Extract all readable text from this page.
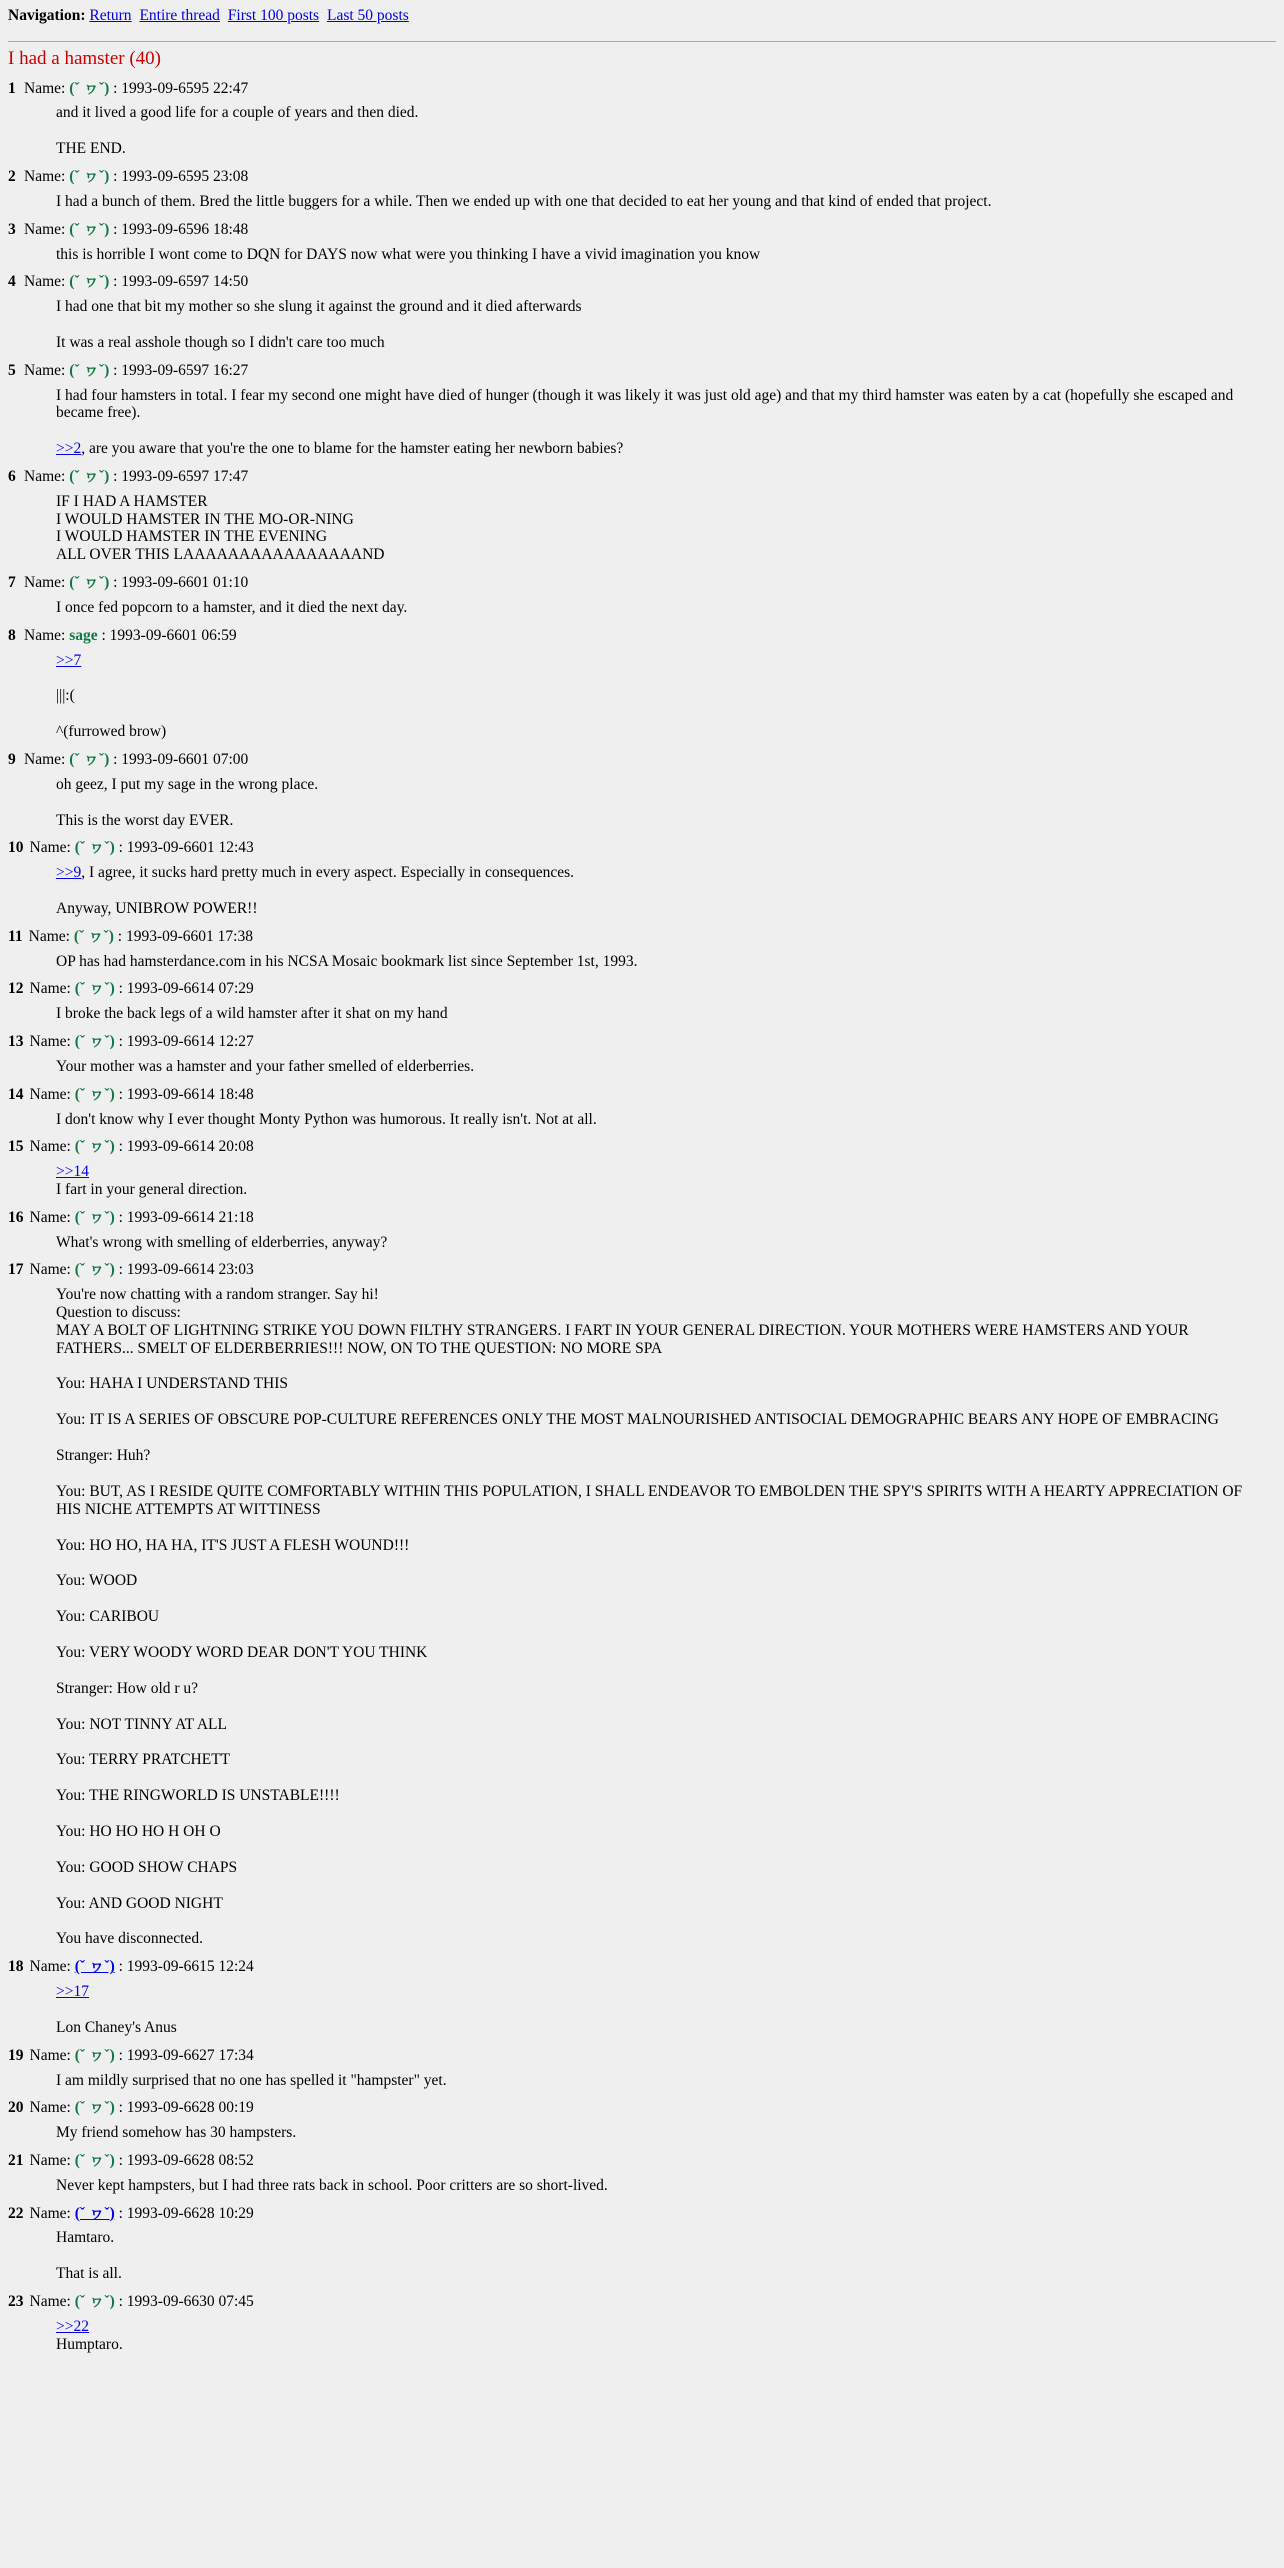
Navigation: Return Entire thread First 100 posts Last 50 posts
I had a hamster (40)
1 Name: (ˇ ヮˇ) : 1993-09-6595 22:47

and it lived a good life for a couple of years and then died.

THE END.

2 Name: (ˇ ヮˇ) : 1993-09-6595 23:08

I had a bunch of them. Bred the little buggers for a while. Then we ended up with one that decided to eat her young and that kind of ended that project.

3 Name: (ˇ ヮˇ) : 1993-09-6596 18:48

this is horrible I wont come to DQN for DAYS now what were you thinking I have a vivid imagination you know

4 Name: (ˇ ヮˇ) : 1993-09-6597 14:50

I had one that bit my mother so she slung it against the ground and it died afterwards

It was a real asshole though so I didn't care too much

5 Name: (ˇ ヮˇ) : 1993-09-6597 16:27

I had four hamsters in total. I fear my second one might have died of hunger (though it was likely it was just old age) and that my third hamster was eaten by a cat (hopefully she escaped and became free).

>>2, are you aware that you're the one to blame for the hamster eating her newborn babies?

6 Name: (ˇ ヮˇ) : 1993-09-6597 17:47

IF I HAD A HAMSTER
I WOULD HAMSTER IN THE MO-OR-NING
I WOULD HAMSTER IN THE EVENING
ALL OVER THIS LAAAAAAAAAAAAAAAAND

7 Name: (ˇ ヮˇ) : 1993-09-6601 01:10

I once fed popcorn to a hamster, and it died the next day.

8 Name: sage : 1993-09-6601 06:59

>>7

|||:(

^(furrowed brow)

9 Name: (ˇ ヮˇ) : 1993-09-6601 07:00

oh geez, I put my sage in the wrong place.

This is the worst day EVER.

10 Name: (ˇ ヮˇ) : 1993-09-6601 12:43

>>9, I agree, it sucks hard pretty much in every aspect. Especially in consequences.

Anyway, UNIBROW POWER!!

11 Name: (ˇ ヮˇ) : 1993-09-6601 17:38

OP has had hamsterdance.com in his NCSA Mosaic bookmark list since September 1st, 1993.

12 Name: (ˇ ヮˇ) : 1993-09-6614 07:29

I broke the back legs of a wild hamster after it shat on my hand

13 Name: (ˇ ヮˇ) : 1993-09-6614 12:27

Your mother was a hamster and your father smelled of elderberries.

14 Name: (ˇ ヮˇ) : 1993-09-6614 18:48

I don't know why I ever thought Monty Python was humorous. It really isn't. Not at all.

15 Name: (ˇ ヮˇ) : 1993-09-6614 20:08

>>14

I fart in your general direction.

16 Name: (ˇ ヮˇ) : 1993-09-6614 21:18

What's wrong with smelling of elderberries, anyway?

17 Name: (ˇ ヮˇ) : 1993-09-6614 23:03

You're now chatting with a random stranger. Say hi!
Question to discuss:
MAY A BOLT OF LIGHTNING STRIKE YOU DOWN FILTHY STRANGERS. I FART IN YOUR GENERAL DIRECTION. YOUR MOTHERS WERE HAMSTERS AND YOUR FATHERS... SMELT OF ELDERBERRIES!!! NOW, ON TO THE QUESTION: NO MORE SPA

You: HAHA I UNDERSTAND THIS

You: IT IS A SERIES OF OBSCURE POP-CULTURE REFERENCES ONLY THE MOST MALNOURISHED ANTISOCIAL DEMOGRAPHIC BEARS ANY HOPE OF EMBRACING

Stranger: Huh?

You: BUT, AS I RESIDE QUITE COMFORTABLY WITHIN THIS POPULATION, I SHALL ENDEAVOR TO EMBOLDEN THE SPY'S SPIRITS WITH A HEARTY APPRECIATION OF HIS NICHE ATTEMPTS AT WITTINESS

You: HO HO, HA HA, IT'S JUST A FLESH WOUND!!!

You: WOOD

You: CARIBOU

You: VERY WOODY WORD DEAR DON'T YOU THINK

Stranger: How old r u?

You: NOT TINNY AT ALL

You: TERRY PRATCHETT

You: THE RINGWORLD IS UNSTABLE!!!!

You: HO HO HO H OH O

You: GOOD SHOW CHAPS

You: AND GOOD NIGHT

You have disconnected.

18 Name: (ˇ ヮˇ) : 1993-09-6615 12:24

>>17

Lon Chaney's Anus

19 Name: (ˇ ヮˇ) : 1993-09-6627 17:34

I am mildly surprised that no one has spelled it "hampster" yet.

20 Name: (ˇ ヮˇ) : 1993-09-6628 00:19

My friend somehow has 30 hampsters.

21 Name: (ˇ ヮˇ) : 1993-09-6628 08:52

Never kept hampsters, but I had three rats back in school. Poor critters are so short-lived.

22 Name: (ˇ ヮˇ) : 1993-09-6628 10:29

Hamtaro.

That is all.

23 Name: (ˇ ヮˇ) : 1993-09-6630 07:45

>>22

Humptaro.
